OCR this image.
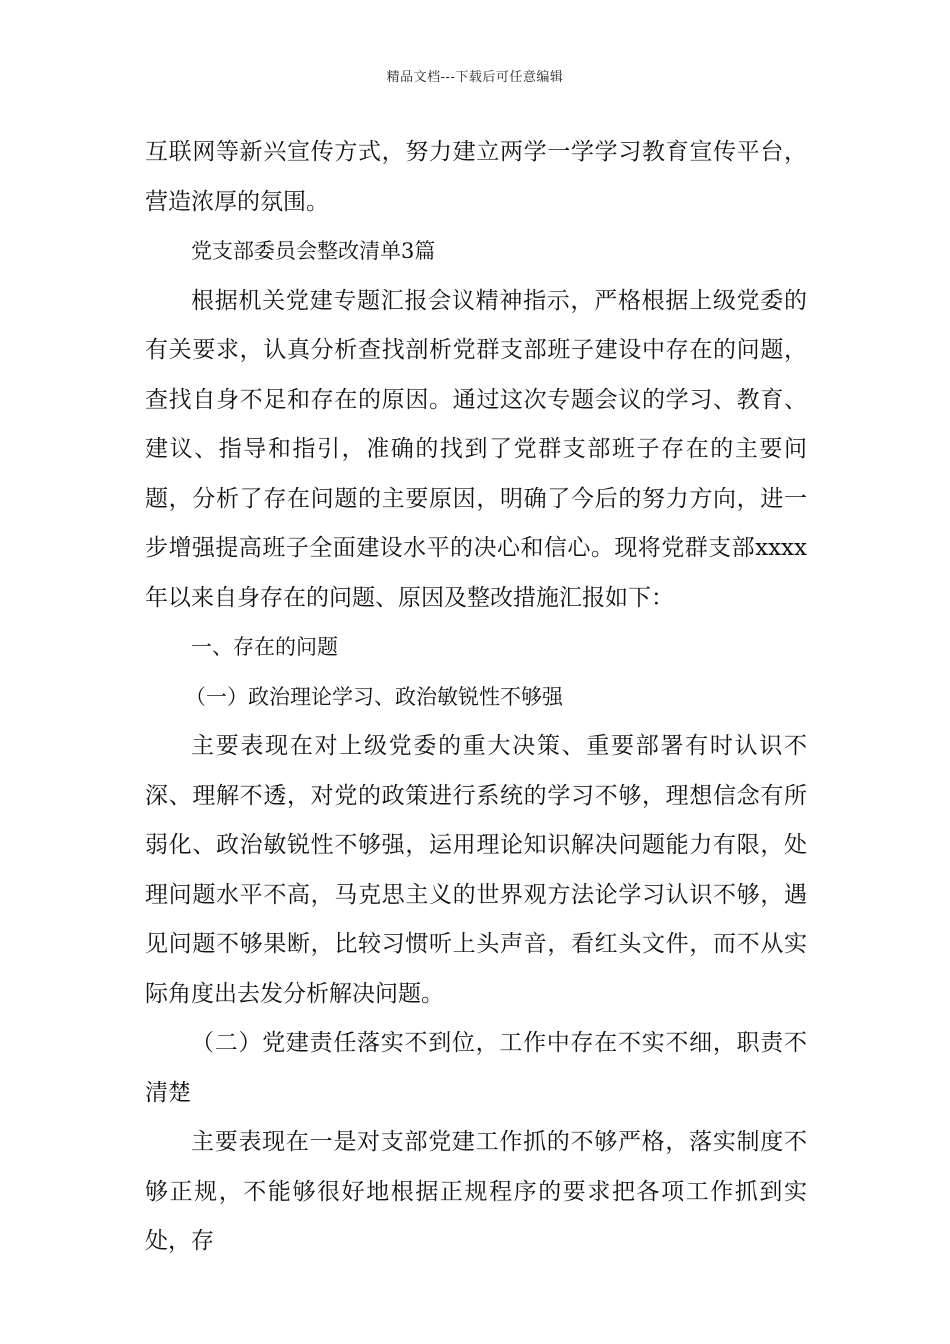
精品文档---下载后可任意编辑

互联网等新兴宣传方式，努力建立两学一学学习教育宣传平台，营造浓厚的氛围。

党支部委员会整改清单3篇

根据机关党建专题汇报会议精神指示，严格根据上级党委的有关要求，认真分析查找剖析党群支部班子建设中存在的问题，查找自身不足和存在的原因。通过这次专题会议的学习、教育、建议、指导和指引，准确的找到了党群支部班子存在的主要问题，分析了存在问题的主要原因，明确了今后的努力方向，进一步增强提高班子全面建设水平的决心和信心。现将党群支部xxxx年以来自身存在的问题、原因及整改措施汇报如下：

一、存在的问题

（一）政治理论学习、政治敏锐性不够强

主要表现在对上级党委的重大决策、重要部署有时认识不深、理解不透，对党的政策进行系统的学习不够，理想信念有所弱化、政治敏锐性不够强，运用理论知识解决问题能力有限，处理问题水平不高，马克思主义的世界观方法论学习认识不够，遇见问题不够果断，比较习惯听上头声音，看红头文件，而不从实际角度出去发分析解决问题。

（二）党建责任落实不到位，工作中存在不实不细，职责不清楚

主要表现在一是对支部党建工作抓的不够严格，落实制度不够正规，不能够很好地根据正规程序的要求把各项工作抓到实处，存
